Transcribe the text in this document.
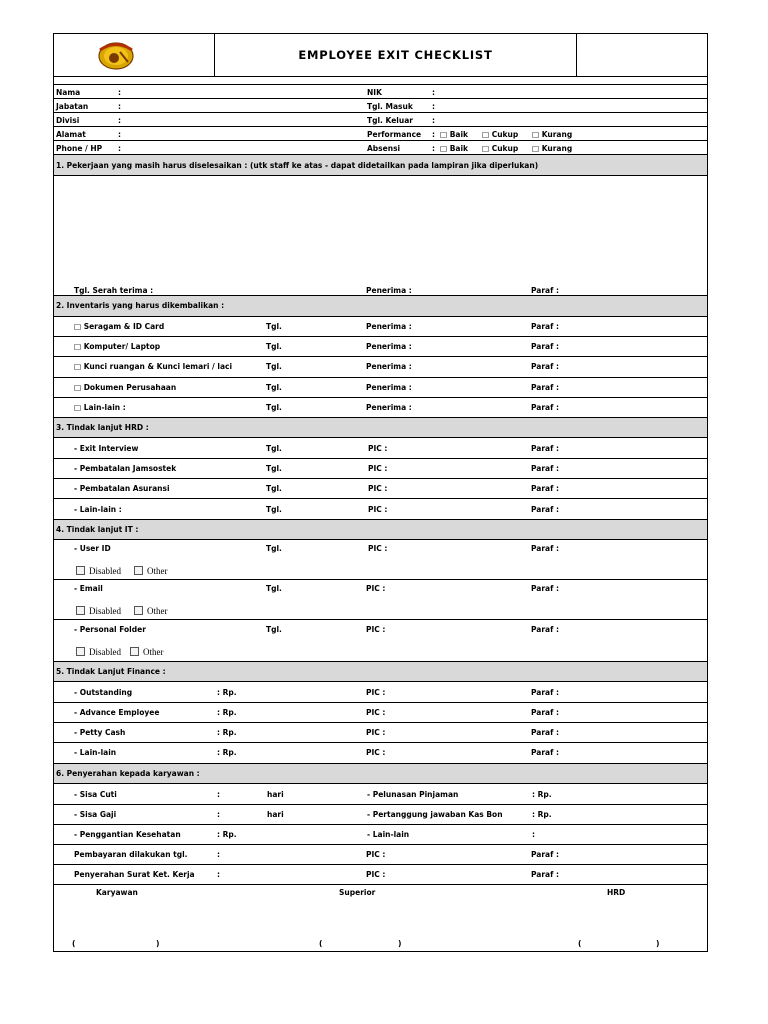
EMPLOYEE EXIT CHECKLIST
Nama	:	NIK	:
Jabatan	:	Tgl. Masuk	:
Divisi	:	Tgl. Keluar	:
Alamat	:	Performance : □ Baik □ Cukup □ Kurang
Phone / HP :	Absensi	: □ Baik □ Cukup □ Kurang
1. Pekerjaan yang masih harus diselesaikan : (utk staff ke atas - dapat didetailkan pada lampiran jika diperlukan)
Tgl. Serah terima :	Penerima :	Paraf :
2. Inventaris yang harus dikembalikan :
□ Seragam & ID Card	Tgl.	Penerima :	Paraf :
□ Komputer/ Laptop	Tgl.	Penerima :	Paraf :
□ Kunci ruangan & Kunci lemari / laci	Tgl.	Penerima :	Paraf :
□ Dokumen Perusahaan	Tgl.	Penerima :	Paraf :
□ Lain-lain :	Tgl.	Penerima :	Paraf :
3. Tindak lanjut HRD :
- Exit Interview	Tgl.	PIC :	Paraf :
- Pembatalan Jamsostek	Tgl.	PIC :	Paraf :
- Pembatalan Asuransi	Tgl.	PIC :	Paraf :
- Lain-lain :	Tgl.	PIC :	Paraf :
4. Tindak lanjut IT :
- User ID	Tgl.	PIC :	Paraf :
Disabled	Other
- Email	Tgl.	PIC :	Paraf :
Disabled	Other
- Personal Folder	Tgl.	PIC :	Paraf :
Disabled	Other
5. Tindak Lanjut Finance :
- Outstanding	: Rp.	PIC :	Paraf :
- Advance Employee	: Rp.	PIC :	Paraf :
- Petty Cash	: Rp.	PIC :	Paraf :
- Lain-lain	: Rp.	PIC :	Paraf :
6. Penyerahan kepada karyawan :
- Sisa Cuti	:	hari	- Pelunasan Pinjaman	: Rp.
- Sisa Gaji	:	hari	- Pertanggung jawaban Kas Bon	: Rp.
- Penggantian Kesehatan	: Rp.	- Lain-lain	:
Pembayaran dilakukan tgl.	:	PIC :	Paraf :
Penyerahan Surat Ket. Kerja	:	PIC :	Paraf :
Karyawan	Superior	HRD
(	)	(	)	(	)
